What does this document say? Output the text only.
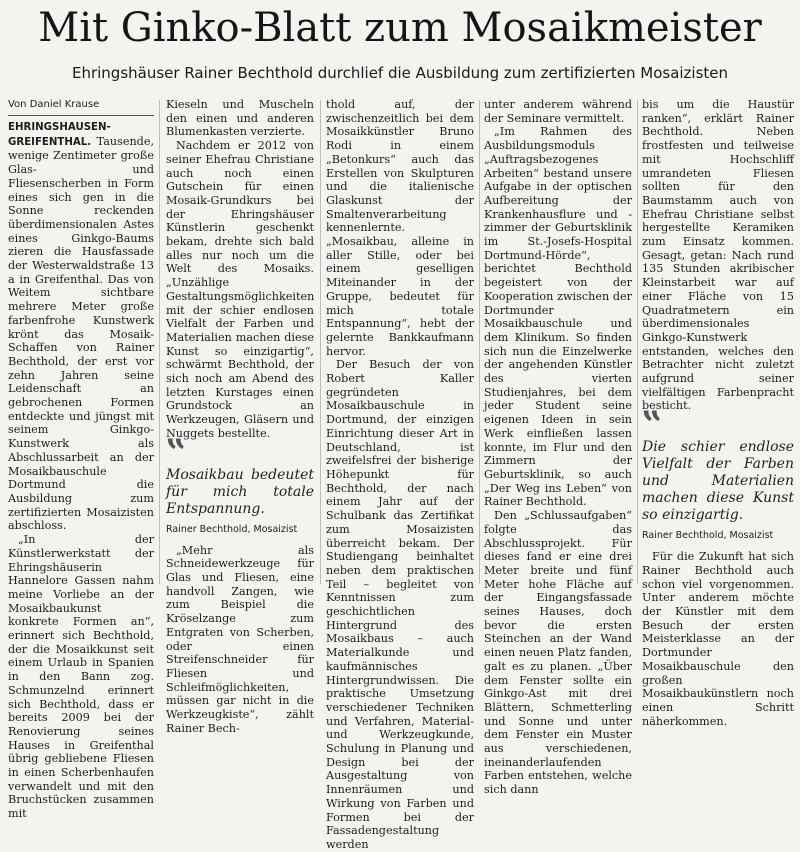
Mit Ginko-Blatt zum Mosaikmeister
Ehringshäuser Rainer Bechthold durchlief die Ausbildung zum zertifizierten Mosaizisten
Von Daniel Krause

EHRINGSHAUSEN-GREIFENTHAL. Tausende, wenige Zentimeter große Glas- und Fliesenscherben in Form eines sich gen in die Sonne reckenden überdimensionalen Astes eines Ginkgo-Baums zieren die Hausfassade der Westerwaldstraße 13 a in Greifenthal. Das von Weitem sichtbare mehrere Meter große farbenfrohe Kunstwerk krönt das Mosaik-Schaffen von Rainer Bechthold, der erst vor zehn Jahren seine Leidenschaft an gebrochenen Formen entdeckte und jüngst mit seinem Ginkgo-Kunstwerk als Abschlussarbeit an der Mosaikbauschule Dortmund die Ausbildung zum zertifizierten Mosaizisten abschloss.

„In der Künstlerwerkstatt der Ehringshäuserin Hannelore Gassen nahm meine Vorliebe an der Mosaikbaukunst konkrete Formen an“, erinnert sich Bechthold, der die Mosaikkunst seit einem Urlaub in Spanien in den Bann zog. Schmunzelnd erinnert sich Bechthold, dass er bereits 2009 bei der Renovierung seines Hauses in Greifenthal übrig gebliebene Fliesen in einen Scherbenhaufen verwandelt und mit den Bruchstücken zusammen mit

Kieseln und Muscheln den einen und anderen Blumenkasten verzierte.

Nachdem er 2012 von seiner Ehefrau Christiane auch noch einen Gutschein für einen Mosaik-Grundkurs bei der Ehringshäuser Künstlerin geschenkt bekam, drehte sich bald alles nur noch um die Welt des Mosaiks. „Unzählige Gestaltungsmöglichkeiten mit der schier endlosen Vielfalt der Farben und Materialien machen diese Kunst so einzigartig“, schwärmt Bechthold, der sich noch am Abend des letzten Kurstages einen Grundstock an Werkzeugen, Gläsern und Nuggets bestellte.

‟
Mosaikbau bedeutet für mich totale Entspannung.
Rainer Bechthold, Mosaizist

„Mehr als Schneidewerkzeuge für Glas und Fliesen, eine handvoll Zangen, wie zum Beispiel die Kröselzange zum Entgraten von Scherben, oder einen Streifenschneider für Fliesen und Schleifmöglichkeiten, müssen gar nicht in die Werkzeugkiste“, zählt Rainer Bech-

thold auf, der zwischenzeitlich bei dem Mosaikkünstler Bruno Rodi in einem „Betonkurs“ auch das Erstellen von Skulpturen und die italienische Glaskunst der Smaltenverarbeitung kennenlernte. „Mosaikbau, alleine in aller Stille, oder bei einem geselligen Miteinander in der Gruppe, bedeutet für mich totale Entspannung“, hebt der gelernte Bankkaufmann hervor.

Der Besuch der von Robert Kaller gegründeten Mosaikbauschule in Dortmund, der einzigen Einrichtung dieser Art in Deutschland, ist zweifelsfrei der bisherige Höhepunkt für Bechthold, der nach einem Jahr auf der Schulbank das Zertifikat zum Mosaizisten überreicht bekam. Der Studiengang beinhaltet neben dem praktischen Teil – begleitet von Kenntnissen zum geschichtlichen Hintergrund des Mosaikbaus – auch Materialkunde und kaufmännisches Hintergrundwissen. Die praktische Umsetzung verschiedener Techniken und Verfahren, Material- und Werkzeugkunde, Schulung in Planung und Design bei der Ausgestaltung von Innenräumen und Wirkung von Farben und Formen bei der Fassadengestaltung werden

unter anderem während der Seminare vermittelt.

„Im Rahmen des Ausbildungsmoduls „Auftragsbezogenes Arbeiten“ bestand unsere Aufgabe in der optischen Aufbereitung der Krankenhausflure und -zimmer der Geburtsklinik im St.-Josefs-Hospital Dortmund-Hörde“, berichtet Bechthold begeistert von der Kooperation zwischen der Dortmunder Mosaikbauschule und dem Klinikum. So finden sich nun die Einzelwerke der angehenden Künstler des vierten Studienjahres, bei dem jeder Student seine eigenen Ideen in sein Werk einfließen lassen konnte, im Flur und den Zimmern der Geburtsklinik, so auch „Der Weg ins Leben“ von Rainer Bechthold.

Den „Schlussaufgaben“ folgte das Abschlussprojekt. Für dieses fand er eine drei Meter breite und fünf Meter hohe Fläche auf der Eingangsfassade seines Hauses, doch bevor die ersten Steinchen an der Wand einen neuen Platz fanden, galt es zu planen. „Über dem Fenster sollte ein Ginkgo-Ast mit drei Blättern, Schmetterling und Sonne und unter dem Fenster ein Muster aus verschiedenen, ineinanderlaufenden Farben entstehen, welche sich dann

bis um die Haustür ranken“, erklärt Rainer Bechthold. Neben frostfesten und teilweise mit Hochschliff umrandeten Fliesen sollten für den Baumstamm auch von Ehefrau Christiane selbst hergestellte Keramiken zum Einsatz kommen. Gesagt, getan: Nach rund 135 Stunden akribischer Kleinstarbeit war auf einer Fläche von 15 Quadratmetern ein überdimensionales Ginkgo-Kunstwerk entstanden, welches den Betrachter nicht zuletzt aufgrund seiner vielfältigen Farbenpracht besticht.

‟
Die schier endlose Vielfalt der Farben und Materialien machen diese Kunst so einzigartig.
Rainer Bechthold, Mosaizist

Für die Zukunft hat sich Rainer Bechthold auch schon viel vorgenommen. Unter anderem möchte der Künstler mit dem Besuch der ersten Meisterklasse an der Dortmunder Mosaikbauschule den großen Mosaikbaukünstlern noch einen Schritt näherkommen.
